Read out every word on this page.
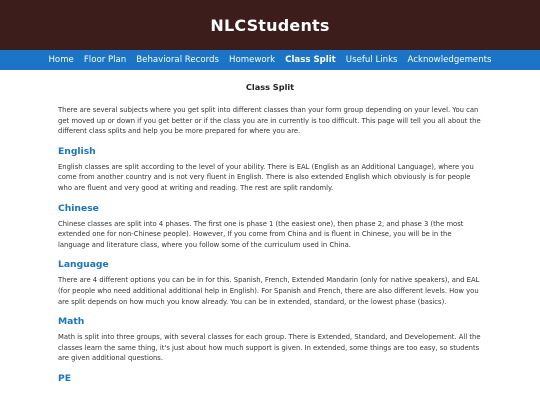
NLCStudents
Home	Floor Plan	Behavioral Records	Homework	Class Split	Useful Links	Acknowledgements
Class Split

There are several subjects where you get split into different classes than your form group depending on your level. You can get moved up or down if you get better or if the class you are in currently is too difficult. This page will tell you all about the different class splits and help you be more prepared for where you are.

English

English classes are split according to the level of your ability. There is EAL (English as an Additional Language), where you come from another country and is not very fluent in English. There is also extended English which obviously is for people who are fluent and very good at writing and reading. The rest are split randomly.

Chinese

Chinese classes are split into 4 phases. The first one is phase 1 (the easiest one), then phase 2, and phase 3 (the most extended one for non-Chinese people). However, If you come from China and is fluent in Chinese, you will be in the language and literature class, where you follow some of the curriculum used in China.

Language

There are 4 different options you can be in for this. Spanish, French, Extended Mandarin (only for native speakers), and EAL (for people who need additional additional help in English). For Spanish and French, there are also different levels. How you are split depends on how much you know already. You can be in extended, standard, or the lowest phase (basics).

Math

Math is split into three groups, with several classes for each group. There is Extended, Standard, and Developement. All the classes learn the same thing, it's just about how much support is given. In extended, some things are too easy, so students are given additional questions.

PE
